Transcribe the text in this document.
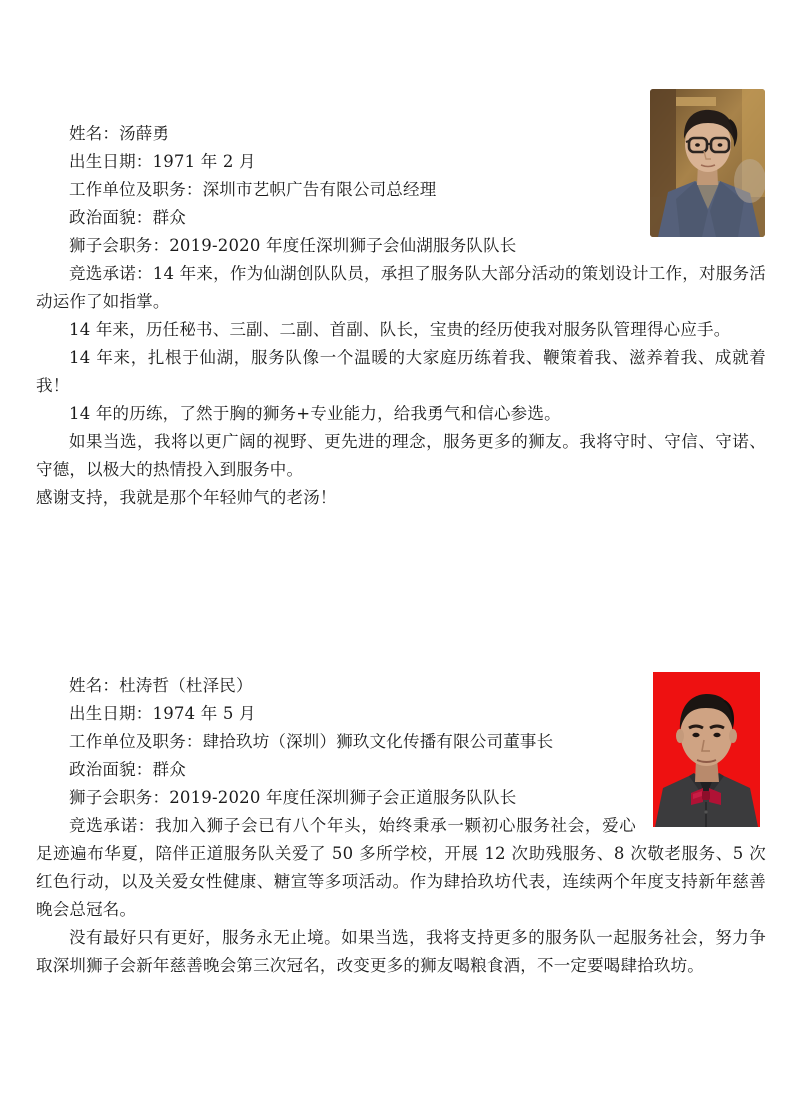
姓名：汤薛勇

出生日期：1971 年 2 月

工作单位及职务：深圳市艺帜广告有限公司总经理

政治面貌：群众

狮子会职务：2019-2020 年度任深圳狮子会仙湖服务队队长

竞选承诺：14 年来，作为仙湖创队队员，承担了服务队大部分活动的策划设计工作，对服务活动运作了如指掌。

14 年来，历任秘书、三副、二副、首副、队长，宝贵的经历使我对服务队管理得心应手。

14 年来，扎根于仙湖，服务队像一个温暖的大家庭历练着我、鞭策着我、滋养着我、成就着我！

14 年的历练，了然于胸的狮务+专业能力，给我勇气和信心参选。

如果当选，我将以更广阔的视野、更先进的理念，服务更多的狮友。我将守时、守信、守诺、守德，以极大的热情投入到服务中。

感谢支持，我就是那个年轻帅气的老汤！

姓名：杜涛哲（杜泽民）

出生日期：1974 年 5 月

工作单位及职务：肆拾玖坊（深圳）狮玖文化传播有限公司董事长

政治面貌：群众

狮子会职务：2019-2020 年度任深圳狮子会正道服务队队长

竞选承诺：我加入狮子会已有八个年头，始终秉承一颗初心服务社会，爱心足迹遍布华夏，陪伴正道服务队关爱了 50 多所学校，开展 12 次助残服务、8 次敬老服务、5 次红色行动，以及关爱女性健康、糖宣等多项活动。作为肆拾玖坊代表，连续两个年度支持新年慈善晚会总冠名。

没有最好只有更好，服务永无止境。如果当选，我将支持更多的服务队一起服务社会，努力争取深圳狮子会新年慈善晚会第三次冠名，改变更多的狮友喝粮食酒，不一定要喝肆拾玖坊。
